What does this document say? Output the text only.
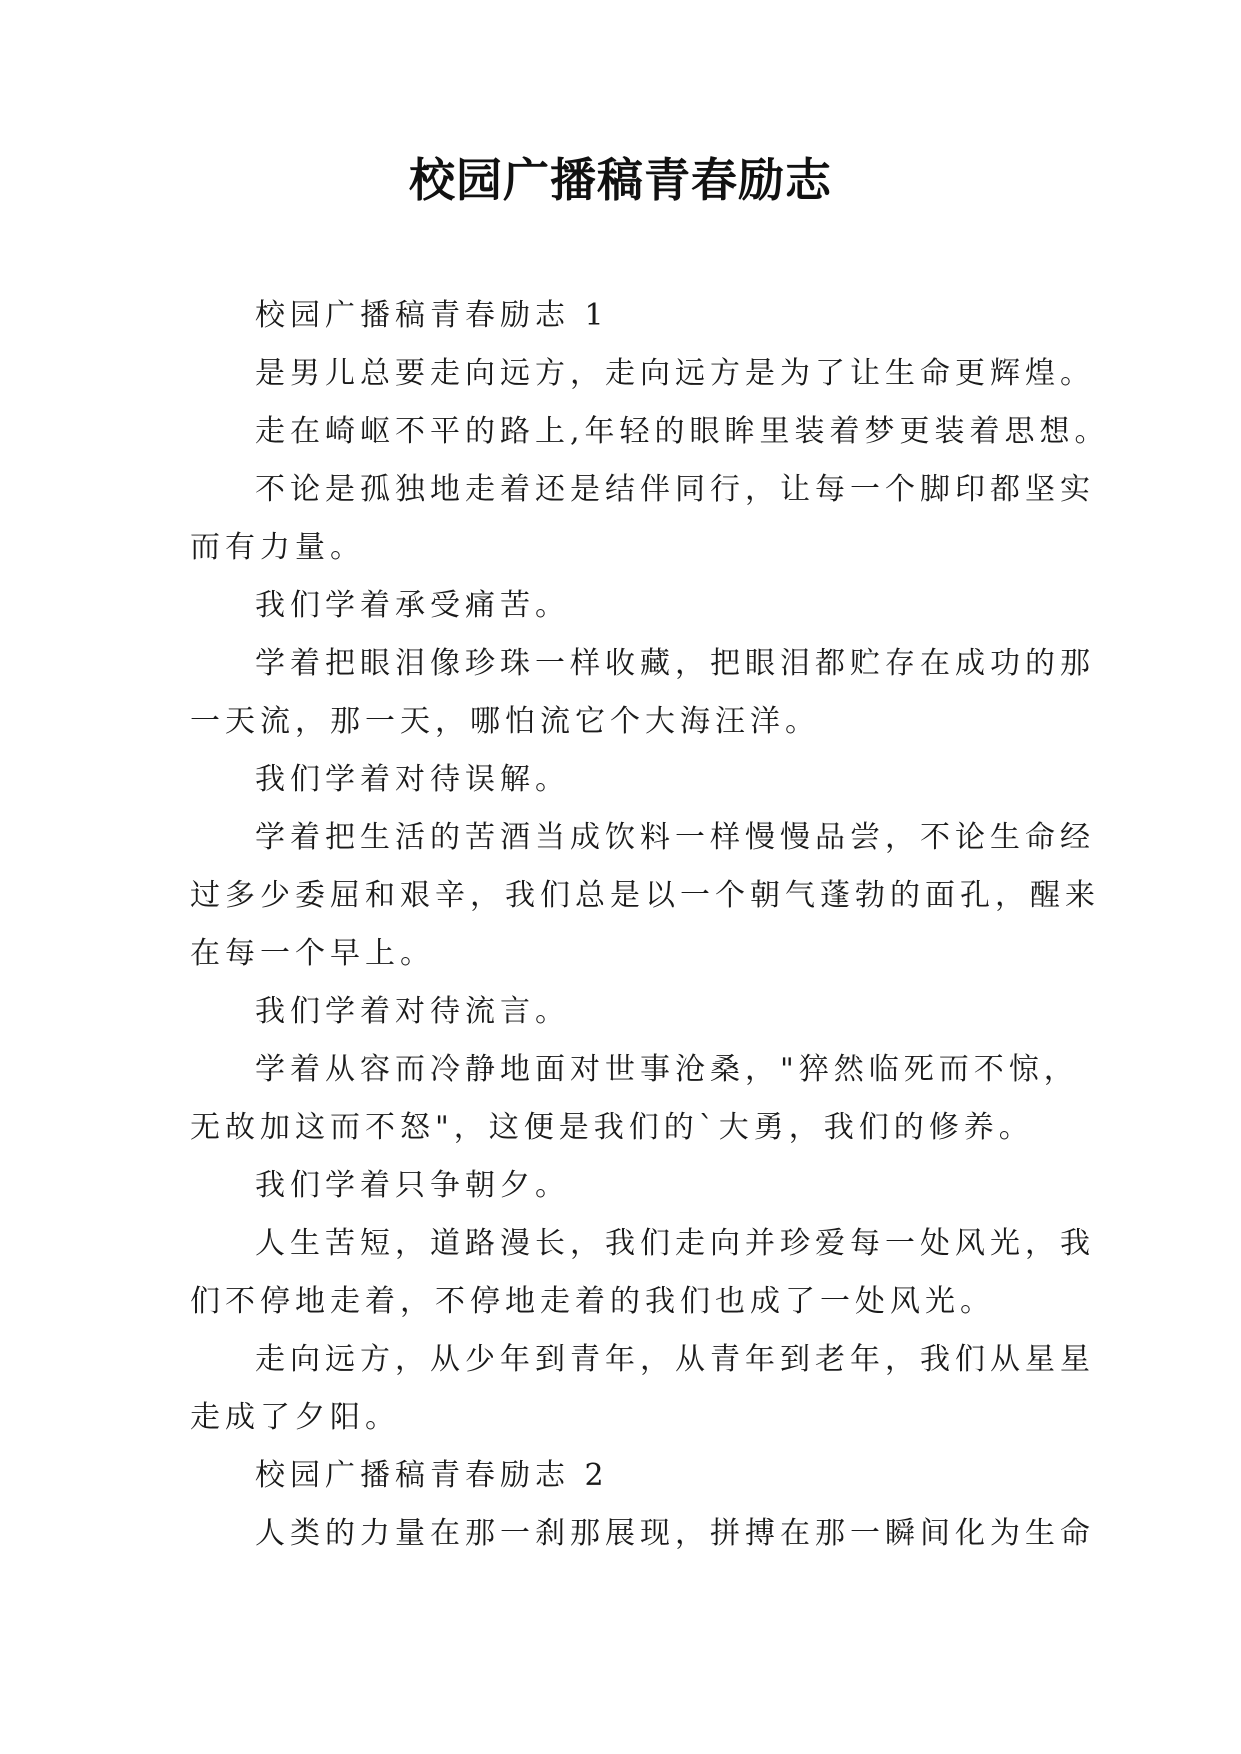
校园广播稿青春励志
校园广播稿青春励志 1
是男儿总要走向远方，走向远方是为了让生命更辉煌。
走在崎岖不平的路上,年轻的眼眸里装着梦更装着思想。
不论是孤独地走着还是结伴同行，让每一个脚印都坚实
而有力量。
我们学着承受痛苦。
学着把眼泪像珍珠一样收藏，把眼泪都贮存在成功的那
一天流，那一天，哪怕流它个大海汪洋。
我们学着对待误解。
学着把生活的苦酒当成饮料一样慢慢品尝，不论生命经
过多少委屈和艰辛，我们总是以一个朝气蓬勃的面孔，醒来
在每一个早上。
我们学着对待流言。
学着从容而冷静地面对世事沧桑，"猝然临死而不惊，
无故加这而不怒"，这便是我们的`大勇，我们的修养。
我们学着只争朝夕。
人生苦短，道路漫长，我们走向并珍爱每一处风光，我
们不停地走着，不停地走着的我们也成了一处风光。
走向远方，从少年到青年，从青年到老年，我们从星星
走成了夕阳。
校园广播稿青春励志 2
人类的力量在那一刹那展现，拼搏在那一瞬间化为生命
